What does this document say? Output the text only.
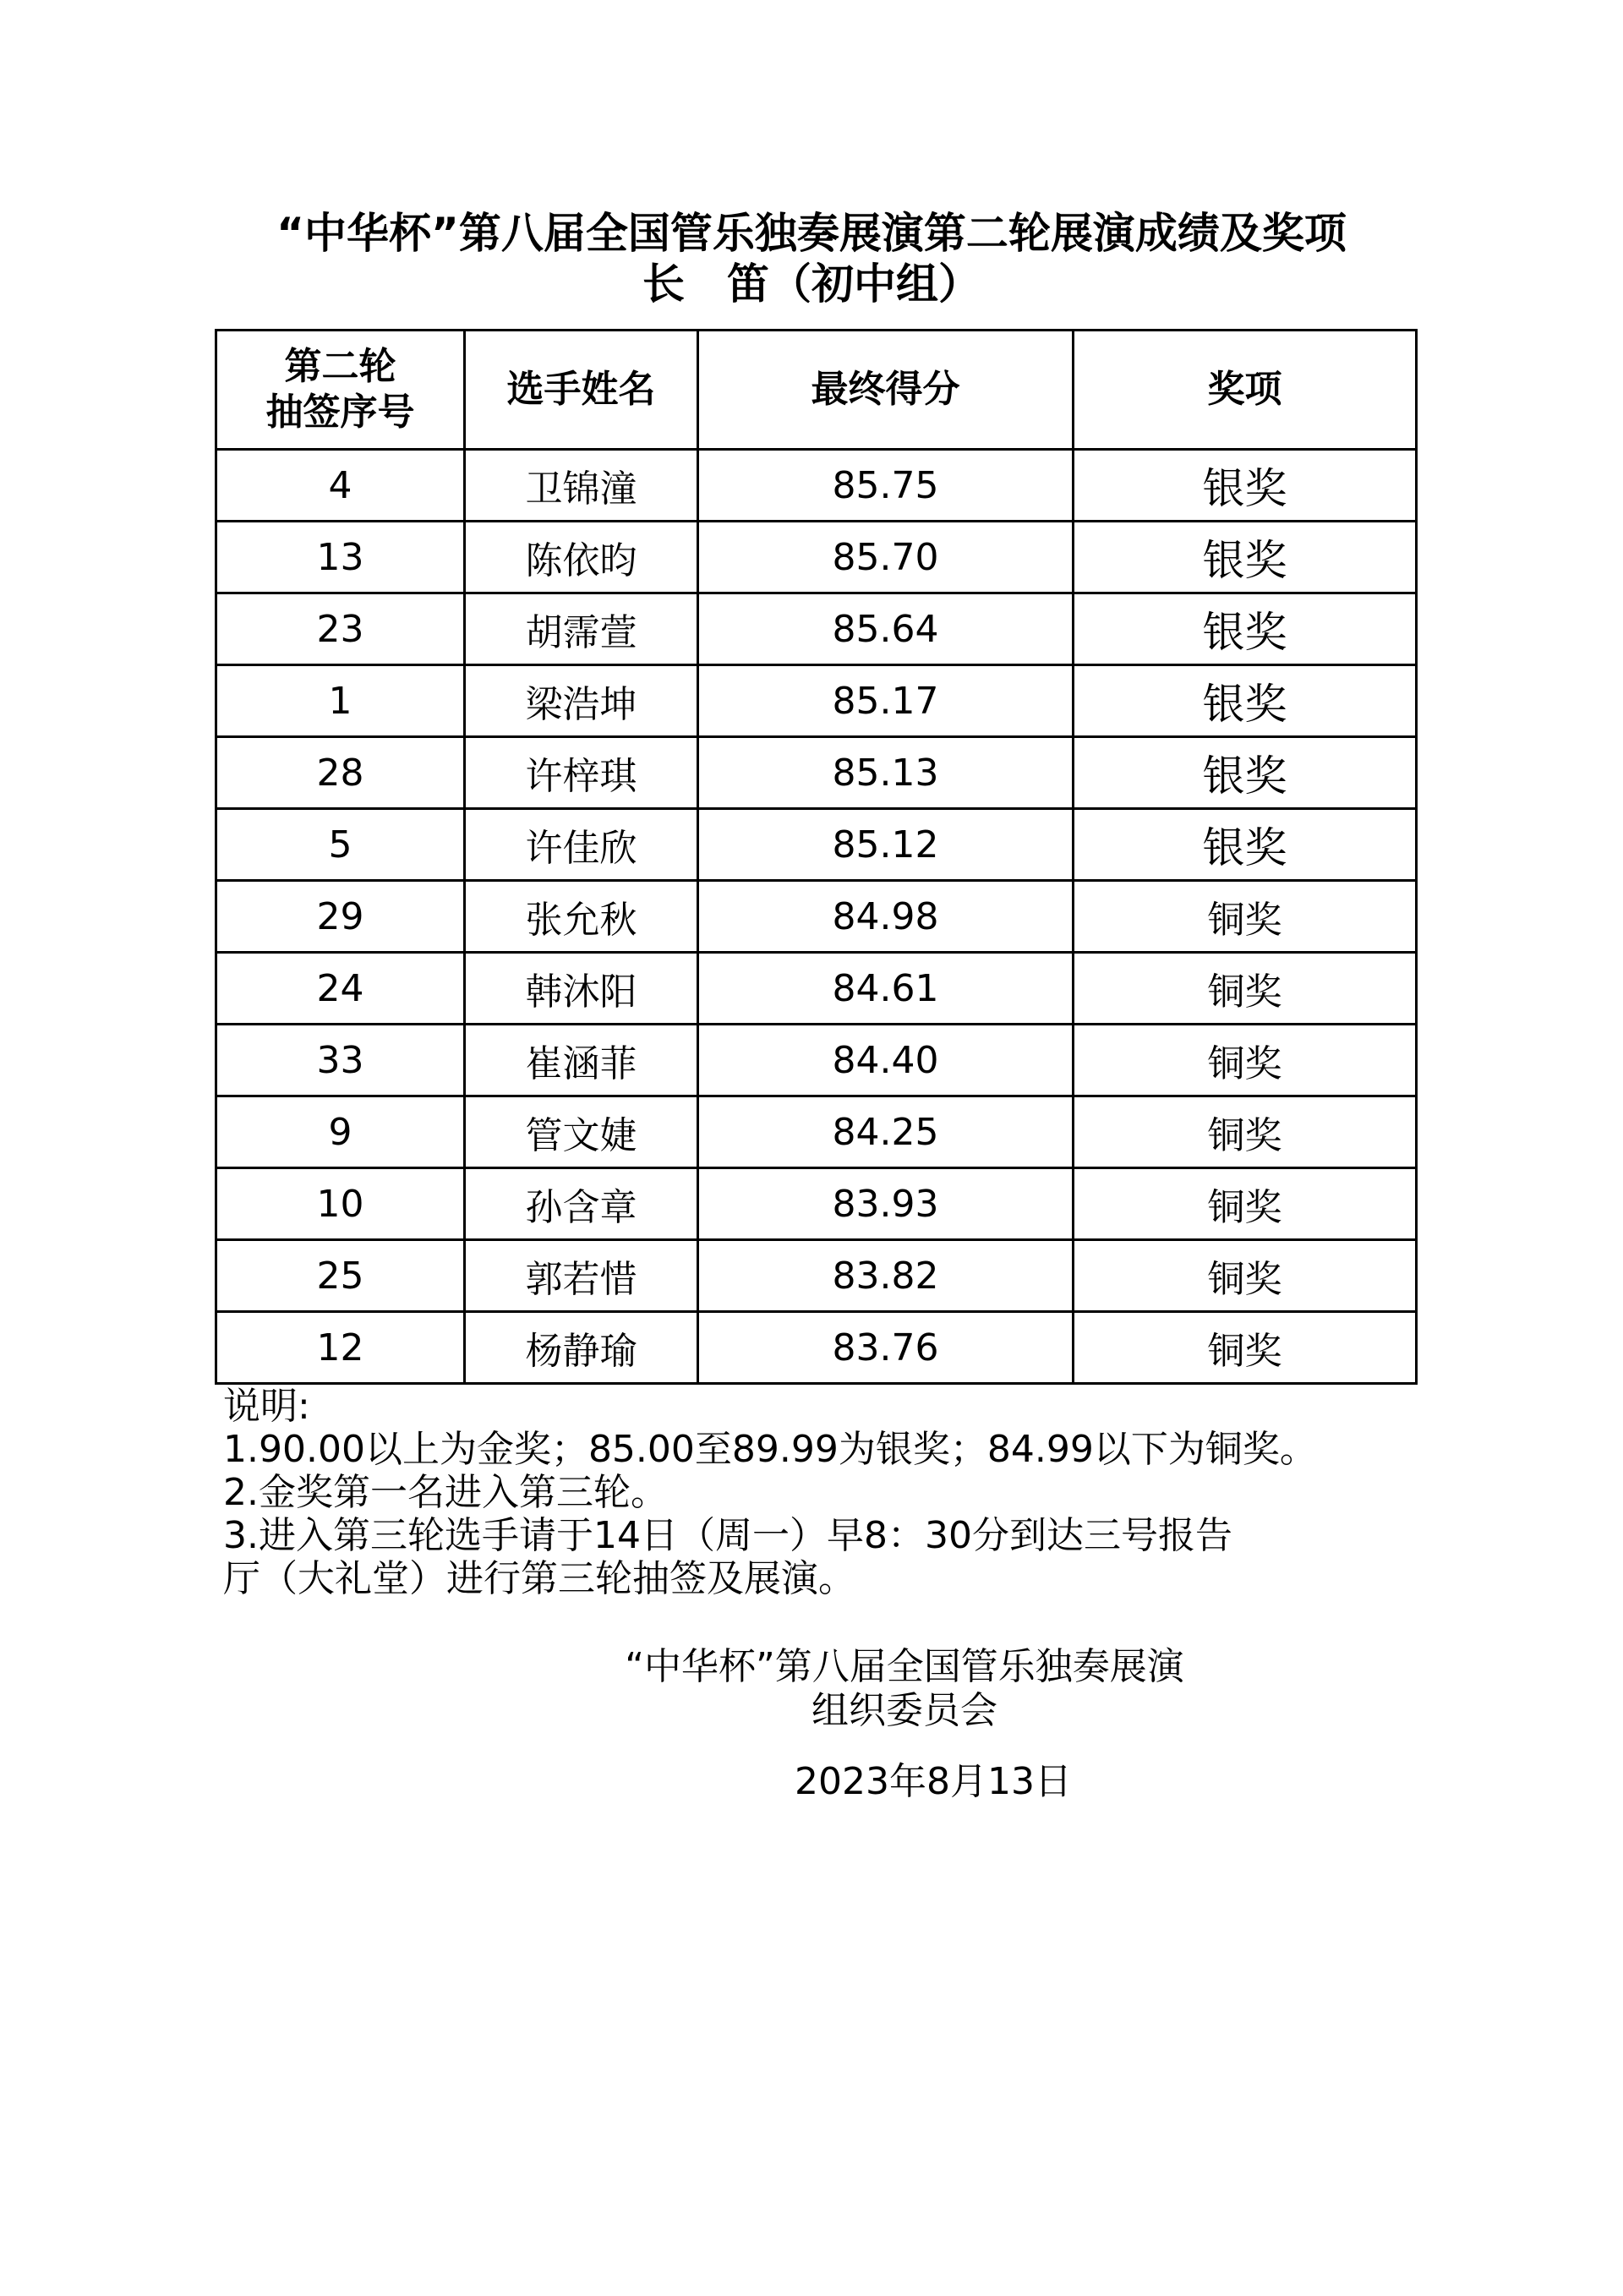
“中华杯”第八届全国管乐独奏展演第二轮展演成绩及奖项
长　笛（初中组）
第二轮
抽签序号	选手姓名	最终得分	奖项
4	卫锦潼	85.75	银奖
13	陈依昀	85.70	银奖
23	胡霈萱	85.64	银奖
1	梁浩坤	85.17	银奖
28	许梓琪	85.13	银奖
5	许佳欣	85.12	银奖
29	张允秋	84.98	铜奖
24	韩沐阳	84.61	铜奖
33	崔涵菲	84.40	铜奖
9	管文婕	84.25	铜奖
10	孙含章	83.93	铜奖
25	郭若惜	83.82	铜奖
12	杨静瑜	83.76	铜奖
说明:
1.90.00以上为金奖；85.00至89.99为银奖；84.99以下为铜奖。
2.金奖第一名进入第三轮。
3.进入第三轮选手请于14日（周一）早8：30分到达三号报告
厅（大礼堂）进行第三轮抽签及展演。
“中华杯”第八届全国管乐独奏展演
组织委员会
2023年8月13日
